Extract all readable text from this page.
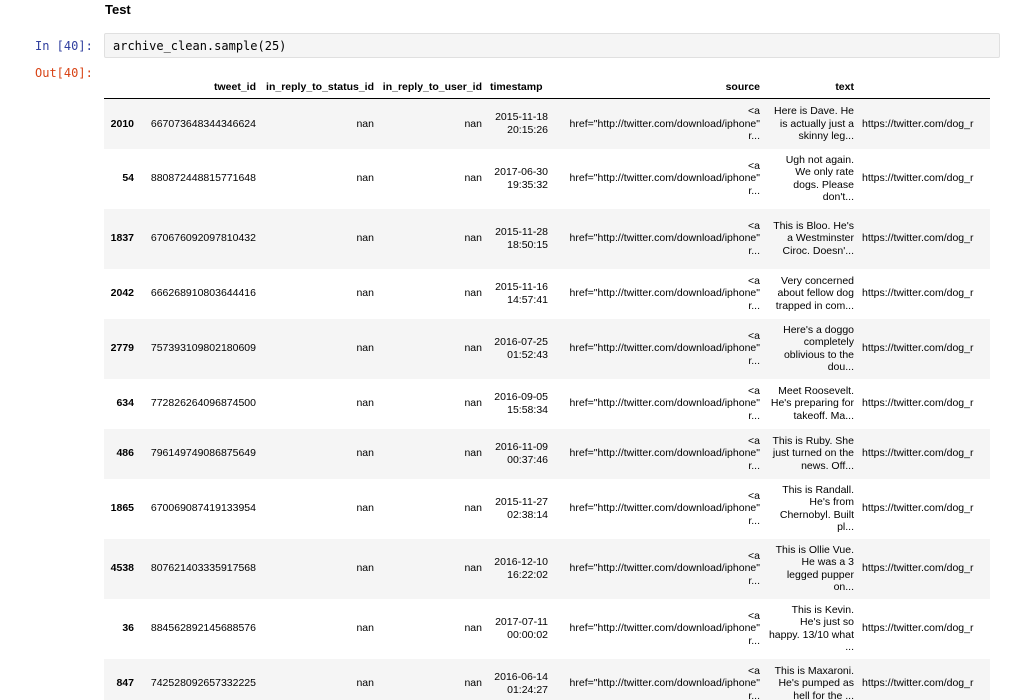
Test
In [40]: archive_clean.sample(25)
Out[40]:
	tweet_id	in_reply_to_status_id	in_reply_to_user_id	timestamp	source	text	
2010	667073648344346624	nan	nan	2015-11-18 20:15:26	<a href="http://twitter.com/download/iphone" r...	Here is Dave. He is actually just a skinny leg...	https://twitter.com/dog_r
54	880872448815771648	nan	nan	2017-06-30 19:35:32	<a href="http://twitter.com/download/iphone" r...	Ugh not again. We only rate dogs. Please don't...	https://twitter.com/dog_r
1837	670676092097810432	nan	nan	2015-11-28 18:50:15	<a href="http://twitter.com/download/iphone" r...	This is Bloo. He's a Westminster Ciroc. Doesn'...	https://twitter.com/dog_r
2042	666268910803644416	nan	nan	2015-11-16 14:57:41	<a href="http://twitter.com/download/iphone" r...	Very concerned about fellow dog trapped in com...	https://twitter.com/dog_r
2779	757393109802180609	nan	nan	2016-07-25 01:52:43	<a href="http://twitter.com/download/iphone" r...	Here's a doggo completely oblivious to the dou...	https://twitter.com/dog_r
634	772826264096874500	nan	nan	2016-09-05 15:58:34	<a href="http://twitter.com/download/iphone" r...	Meet Roosevelt. He's preparing for takeoff. Ma...	https://twitter.com/dog_r
486	796149749086875649	nan	nan	2016-11-09 00:37:46	<a href="http://twitter.com/download/iphone" r...	This is Ruby. She just turned on the news. Off...	https://twitter.com/dog_r
1865	670069087419133954	nan	nan	2015-11-27 02:38:14	<a href="http://twitter.com/download/iphone" r...	This is Randall. He's from Chernobyl. Built pl...	https://twitter.com/dog_r
4538	807621403335917568	nan	nan	2016-12-10 16:22:02	<a href="http://twitter.com/download/iphone" r...	This is Ollie Vue. He was a 3 legged pupper on...	https://twitter.com/dog_r
36	884562892145688576	nan	nan	2017-07-11 00:00:02	<a href="http://twitter.com/download/iphone" r...	This is Kevin. He's just so happy. 13/10 what ...	https://twitter.com/dog_r
847	742528092657332225	nan	nan	2016-06-14 01:24:27	<a href="http://twitter.com/download/iphone" r...	This is Maxaroni. He's pumped as hell for the ...	https://twitter.com/dog_r
